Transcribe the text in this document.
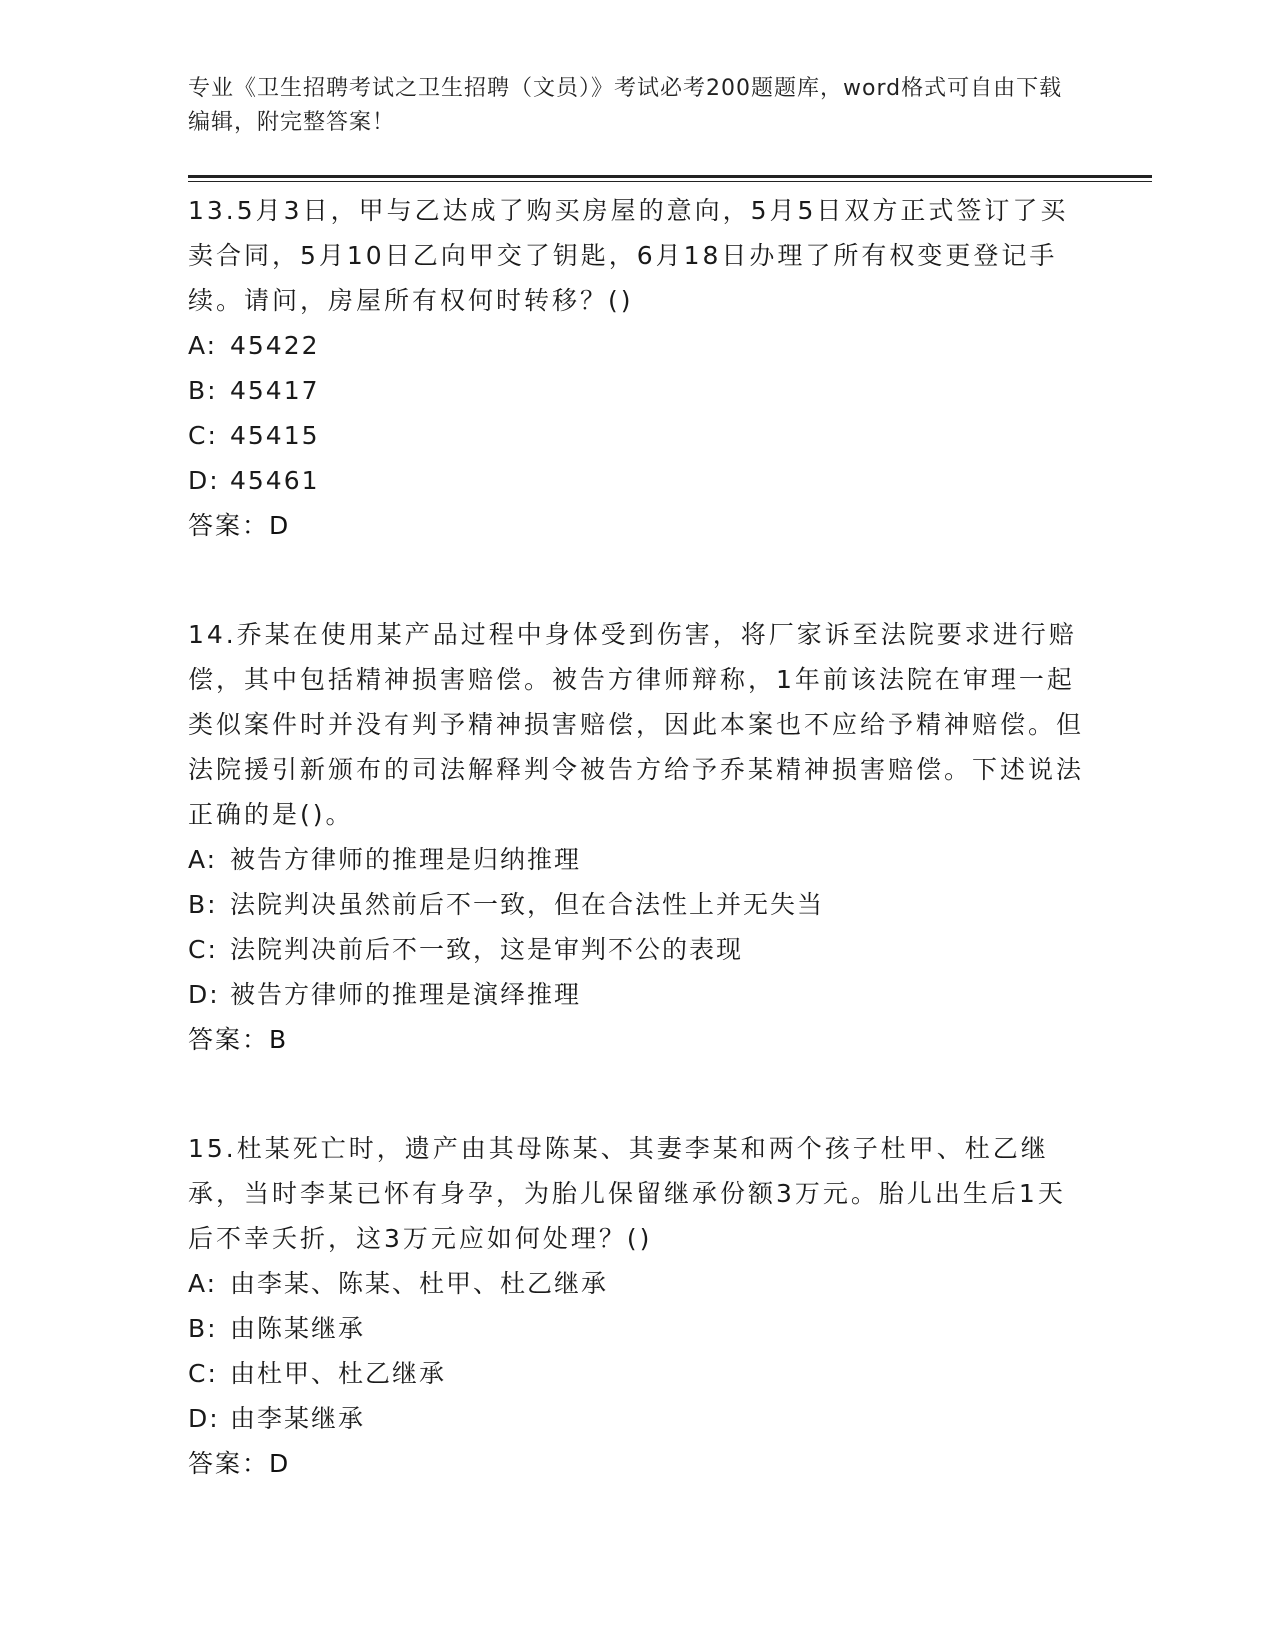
专业《卫生招聘考试之卫生招聘（文员）》考试必考200题题库，word格式可自由下载编辑，附完整答案！

13.5月3日，甲与乙达成了购买房屋的意向，5月5日双方正式签订了买卖合同，5月10日乙向甲交了钥匙，6月18日办理了所有权变更登记手续。请问，房屋所有权何时转移？()

A: 45422

B: 45417

C: 45415

D: 45461

答案：D

14.乔某在使用某产品过程中身体受到伤害，将厂家诉至法院要求进行赔偿，其中包括精神损害赔偿。被告方律师辩称，1年前该法院在审理一起类似案件时并没有判予精神损害赔偿，因此本案也不应给予精神赔偿。但法院援引新颁布的司法解释判令被告方给予乔某精神损害赔偿。下述说法正确的是()。

A: 被告方律师的推理是归纳推理

B: 法院判决虽然前后不一致，但在合法性上并无失当

C: 法院判决前后不一致，这是审判不公的表现

D: 被告方律师的推理是演绎推理

答案：B

15.杜某死亡时，遗产由其母陈某、其妻李某和两个孩子杜甲、杜乙继承，当时李某已怀有身孕，为胎儿保留继承份额3万元。胎儿出生后1天后不幸夭折，这3万元应如何处理？()

A: 由李某、陈某、杜甲、杜乙继承

B: 由陈某继承

C: 由杜甲、杜乙继承

D: 由李某继承

答案：D
